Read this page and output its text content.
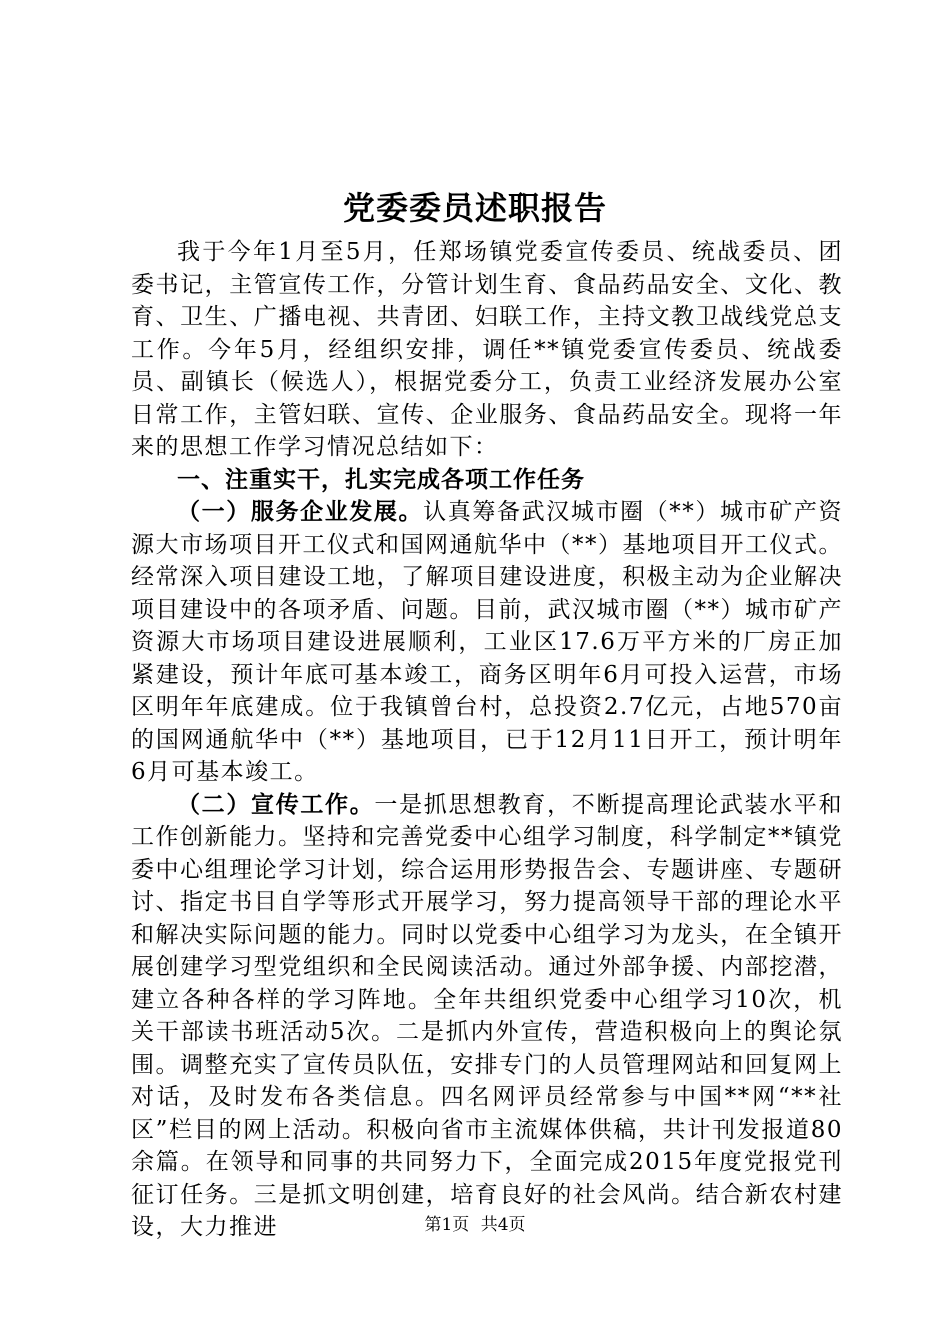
党委委员述职报告

我于今年1月至5月，任郑场镇党委宣传委员、统战委员、团委书记，主管宣传工作，分管计划生育、食品药品安全、文化、教育、卫生、广播电视、共青团、妇联工作，主持文教卫战线党总支工作。今年5月，经组织安排，调任**镇党委宣传委员、统战委员、副镇长（候选人），根据党委分工，负责工业经济发展办公室日常工作，主管妇联、宣传、企业服务、食品药品安全。现将一年来的思想工作学习情况总结如下：

一、注重实干，扎实完成各项工作任务

（一）服务企业发展。认真筹备武汉城市圈（**）城市矿产资源大市场项目开工仪式和国网通航华中（**）基地项目开工仪式。经常深入项目建设工地，了解项目建设进度，积极主动为企业解决项目建设中的各项矛盾、问题。目前，武汉城市圈（**）城市矿产资源大市场项目建设进展顺利，工业区17.6万平方米的厂房正加紧建设，预计年底可基本竣工，商务区明年6月可投入运营，市场区明年年底建成。位于我镇曾台村，总投资2.7亿元，占地570亩的国网通航华中（**）基地项目，已于12月11日开工，预计明年6月可基本竣工。

（二）宣传工作。一是抓思想教育，不断提高理论武装水平和工作创新能力。坚持和完善党委中心组学习制度，科学制定**镇党委中心组理论学习计划，综合运用形势报告会、专题讲座、专题研讨、指定书目自学等形式开展学习，努力提高领导干部的理论水平和解决实际问题的能力。同时以党委中心组学习为龙头，在全镇开展创建学习型党组织和全民阅读活动。通过外部争援、内部挖潜，建立各种各样的学习阵地。全年共组织党委中心组学习10次，机关干部读书班活动5次。二是抓内外宣传，营造积极向上的舆论氛围。调整充实了宣传员队伍，安排专门的人员管理网站和回复网上对话，及时发布各类信息。四名网评员经常参与中国**网“**社区”栏目的网上活动。积极向省市主流媒体供稿，共计刊发报道80余篇。在领导和同事的共同努力下，全面完成2015年度党报党刊征订任务。三是抓文明创建，培育良好的社会风尚。结合新农村建设，大力推进	第1页 共4页
